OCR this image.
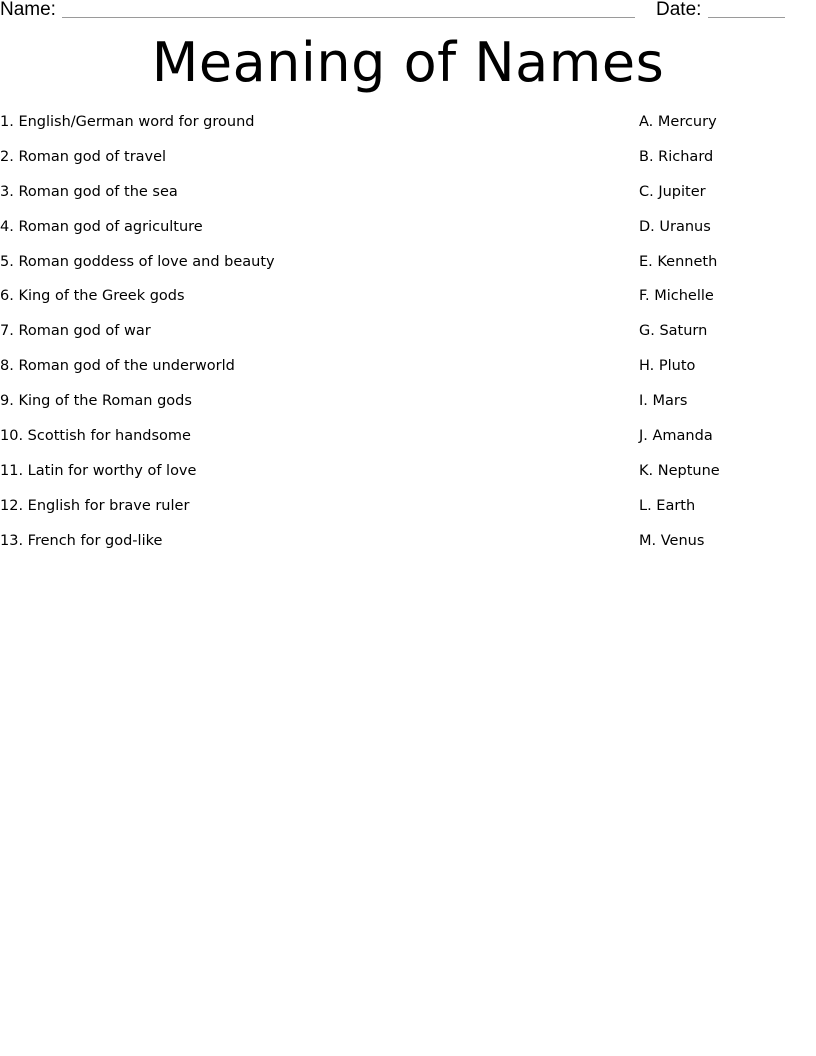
Name:	Date:
Meaning of Names
1. English/German word for ground
2. Roman god of travel
3. Roman god of the sea
4. Roman god of agriculture
5. Roman goddess of love and beauty
6. King of the Greek gods
7. Roman god of war
8. Roman god of the underworld
9. King of the Roman gods
10. Scottish for handsome
11. Latin for worthy of love
12. English for brave ruler
13. French for god-like
A. Mercury
B. Richard
C. Jupiter
D. Uranus
E. Kenneth
F. Michelle
G. Saturn
H. Pluto
I. Mars
J. Amanda
K. Neptune
L. Earth
M. Venus
